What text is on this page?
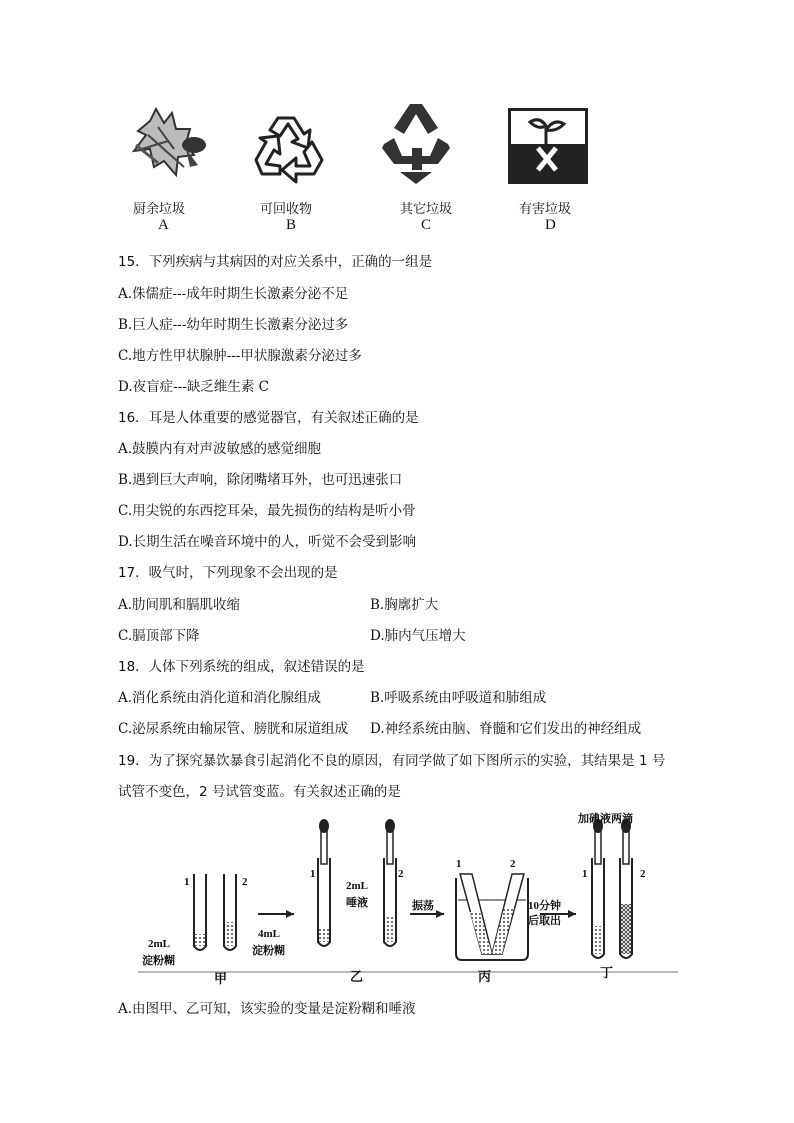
厨余垃圾	可回收物	其它垃圾	有害垃圾
A	B	C	D
15．下列疾病与其病因的对应关系中，正确的一组是
A.侏儒症---成年时期生长激素分泌不足
B.巨人症---幼年时期生长激素分泌过多
C.地方性甲状腺肿---甲状腺激素分泌过多
D.夜盲症---缺乏维生素 C
16．耳是人体重要的感觉器官，有关叙述正确的是
A.鼓膜内有对声波敏感的感觉细胞
B.遇到巨大声响，除闭嘴堵耳外，也可迅速张口
C.用尖锐的东西挖耳朵，最先损伤的结构是听小骨
D.长期生活在噪音环境中的人，听觉不会受到影响
17．吸气时，下列现象不会出现的是
A.肋间肌和膈肌收缩	B.胸廓扩大
C.膈顶部下降	D.肺内气压增大
18．人体下列系统的组成，叙述错误的是
A.消化系统由消化道和消化腺组成	B.呼吸系统由呼吸道和肺组成
C.泌尿系统由输尿管、膀胱和尿道组成 D.神经系统由脑、脊髓和它们发出的神经组成
19．为了探究暴饮暴食引起消化不良的原因，有同学做了如下图所示的实验，其结果是 1 号
试管不变色，2 号试管变蓝。有关叙述正确的是
1	2
2mL
淀粉糊
4mL
淀粉糊
甲
1	2
2mL
唾液
乙
振荡
1	2
丙
10分钟
后取出
加碘液两滴
1	2
丁
A.由图甲、乙可知，该实验的变量是淀粉糊和唾液
